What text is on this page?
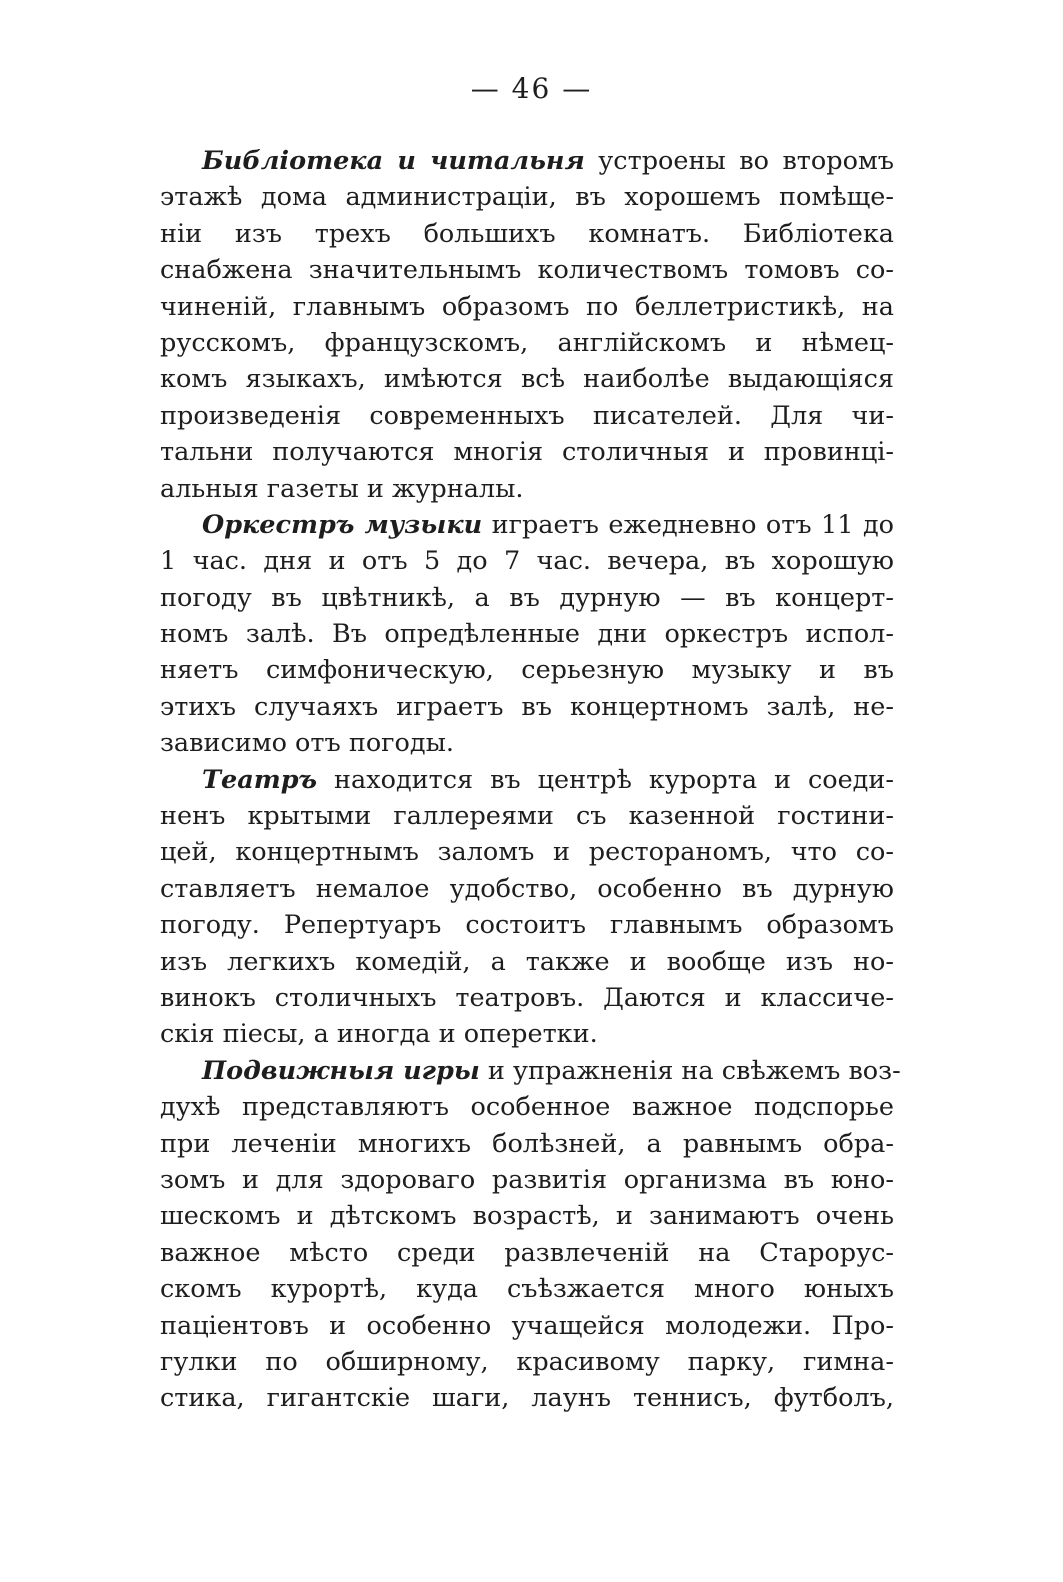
— 46 —
Библіотека и читальня устроены во второмъ
этажѣ дома администраціи, въ хорошемъ помѣще-
ніи изъ трехъ большихъ комнатъ. Библіотека
снабжена значительнымъ количествомъ томовъ со-
чиненій, главнымъ образомъ по беллетристикѣ, на
русскомъ, французскомъ, англійскомъ и нѣмец-
комъ языкахъ, имѣются всѣ наиболѣе выдающіяся
произведенія современныхъ писателей. Для чи-
тальни получаются многія столичныя и провинці-
альныя газеты и журналы.
Оркестръ музыки играетъ ежедневно отъ 11 до
1 час. дня и отъ 5 до 7 час. вечера, въ хорошую
погоду въ цвѣтникѣ, а въ дурную — въ концерт-
номъ залѣ. Въ опредѣленные дни оркестръ испол-
няетъ симфоническую, серьезную музыку и въ
этихъ случаяхъ играетъ въ концертномъ залѣ, не-
зависимо отъ погоды.
Театръ находится въ центрѣ курорта и соеди-
ненъ крытыми галлереями съ казенной гостини-
цей, концертнымъ заломъ и рестораномъ, что со-
ставляетъ немалое удобство, особенно въ дурную
погоду. Репертуаръ состоитъ главнымъ образомъ
изъ легкихъ комедій, а также и вообще изъ но-
винокъ столичныхъ театровъ. Даются и классиче-
скія піесы, а иногда и оперетки.
Подвижныя игры и упражненія на свѣжемъ воз-
духѣ представляютъ особенное важное подспорье
при леченіи многихъ болѣзней, а равнымъ обра-
зомъ и для здороваго развитія организма въ юно-
шескомъ и дѣтскомъ возрастѣ, и занимаютъ очень
важное мѣсто среди развлеченій на Старорус-
скомъ курортѣ, куда съѣзжается много юныхъ
паціентовъ и особенно учащейся молодежи. Про-
гулки по обширному, красивому парку, гимна-
стика, гигантскіе шаги, лаунъ теннисъ, футболъ,
